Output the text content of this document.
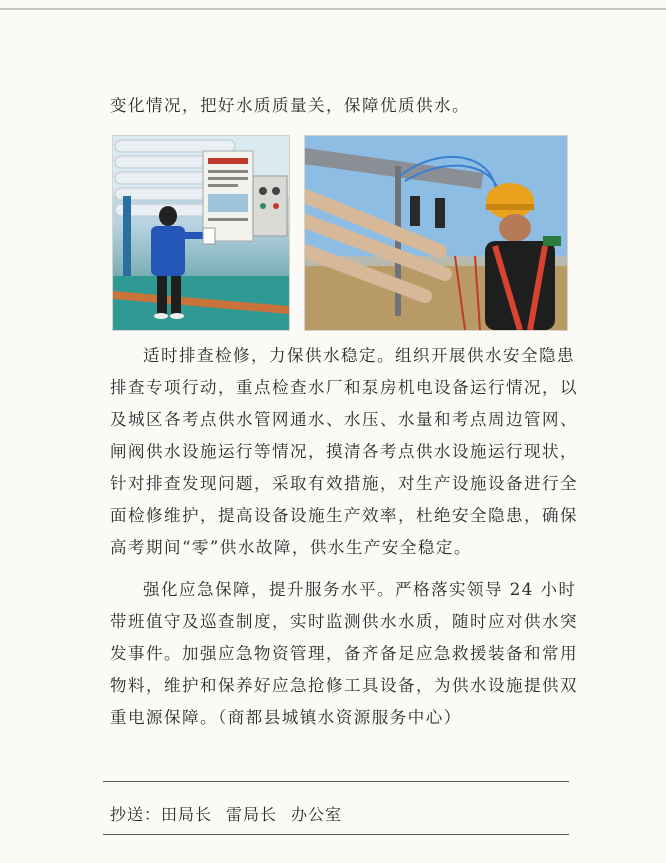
变化情况，把好水质质量关，保障优质供水。
适时排查检修，力保供水稳定。组织开展供水安全隐患
排查专项行动，重点检查水厂和泵房机电设备运行情况，以
及城区各考点供水管网通水、水压、水量和考点周边管网、
闸阀供水设施运行等情况，摸清各考点供水设施运行现状，
针对排查发现问题，采取有效措施，对生产设施设备进行全
面检修维护，提高设备设施生产效率，杜绝安全隐患，确保
高考期间“零”供水故障，供水生产安全稳定。
强化应急保障，提升服务水平。严格落实领导 24 小时
带班值守及巡查制度，实时监测供水水质，随时应对供水突
发事件。加强应急物资管理，备齐备足应急救援装备和常用
物料，维护和保养好应急抢修工具设备，为供水设施提供双
重电源保障。（商都县城镇水资源服务中心）
抄送：田局长 雷局长 办公室
